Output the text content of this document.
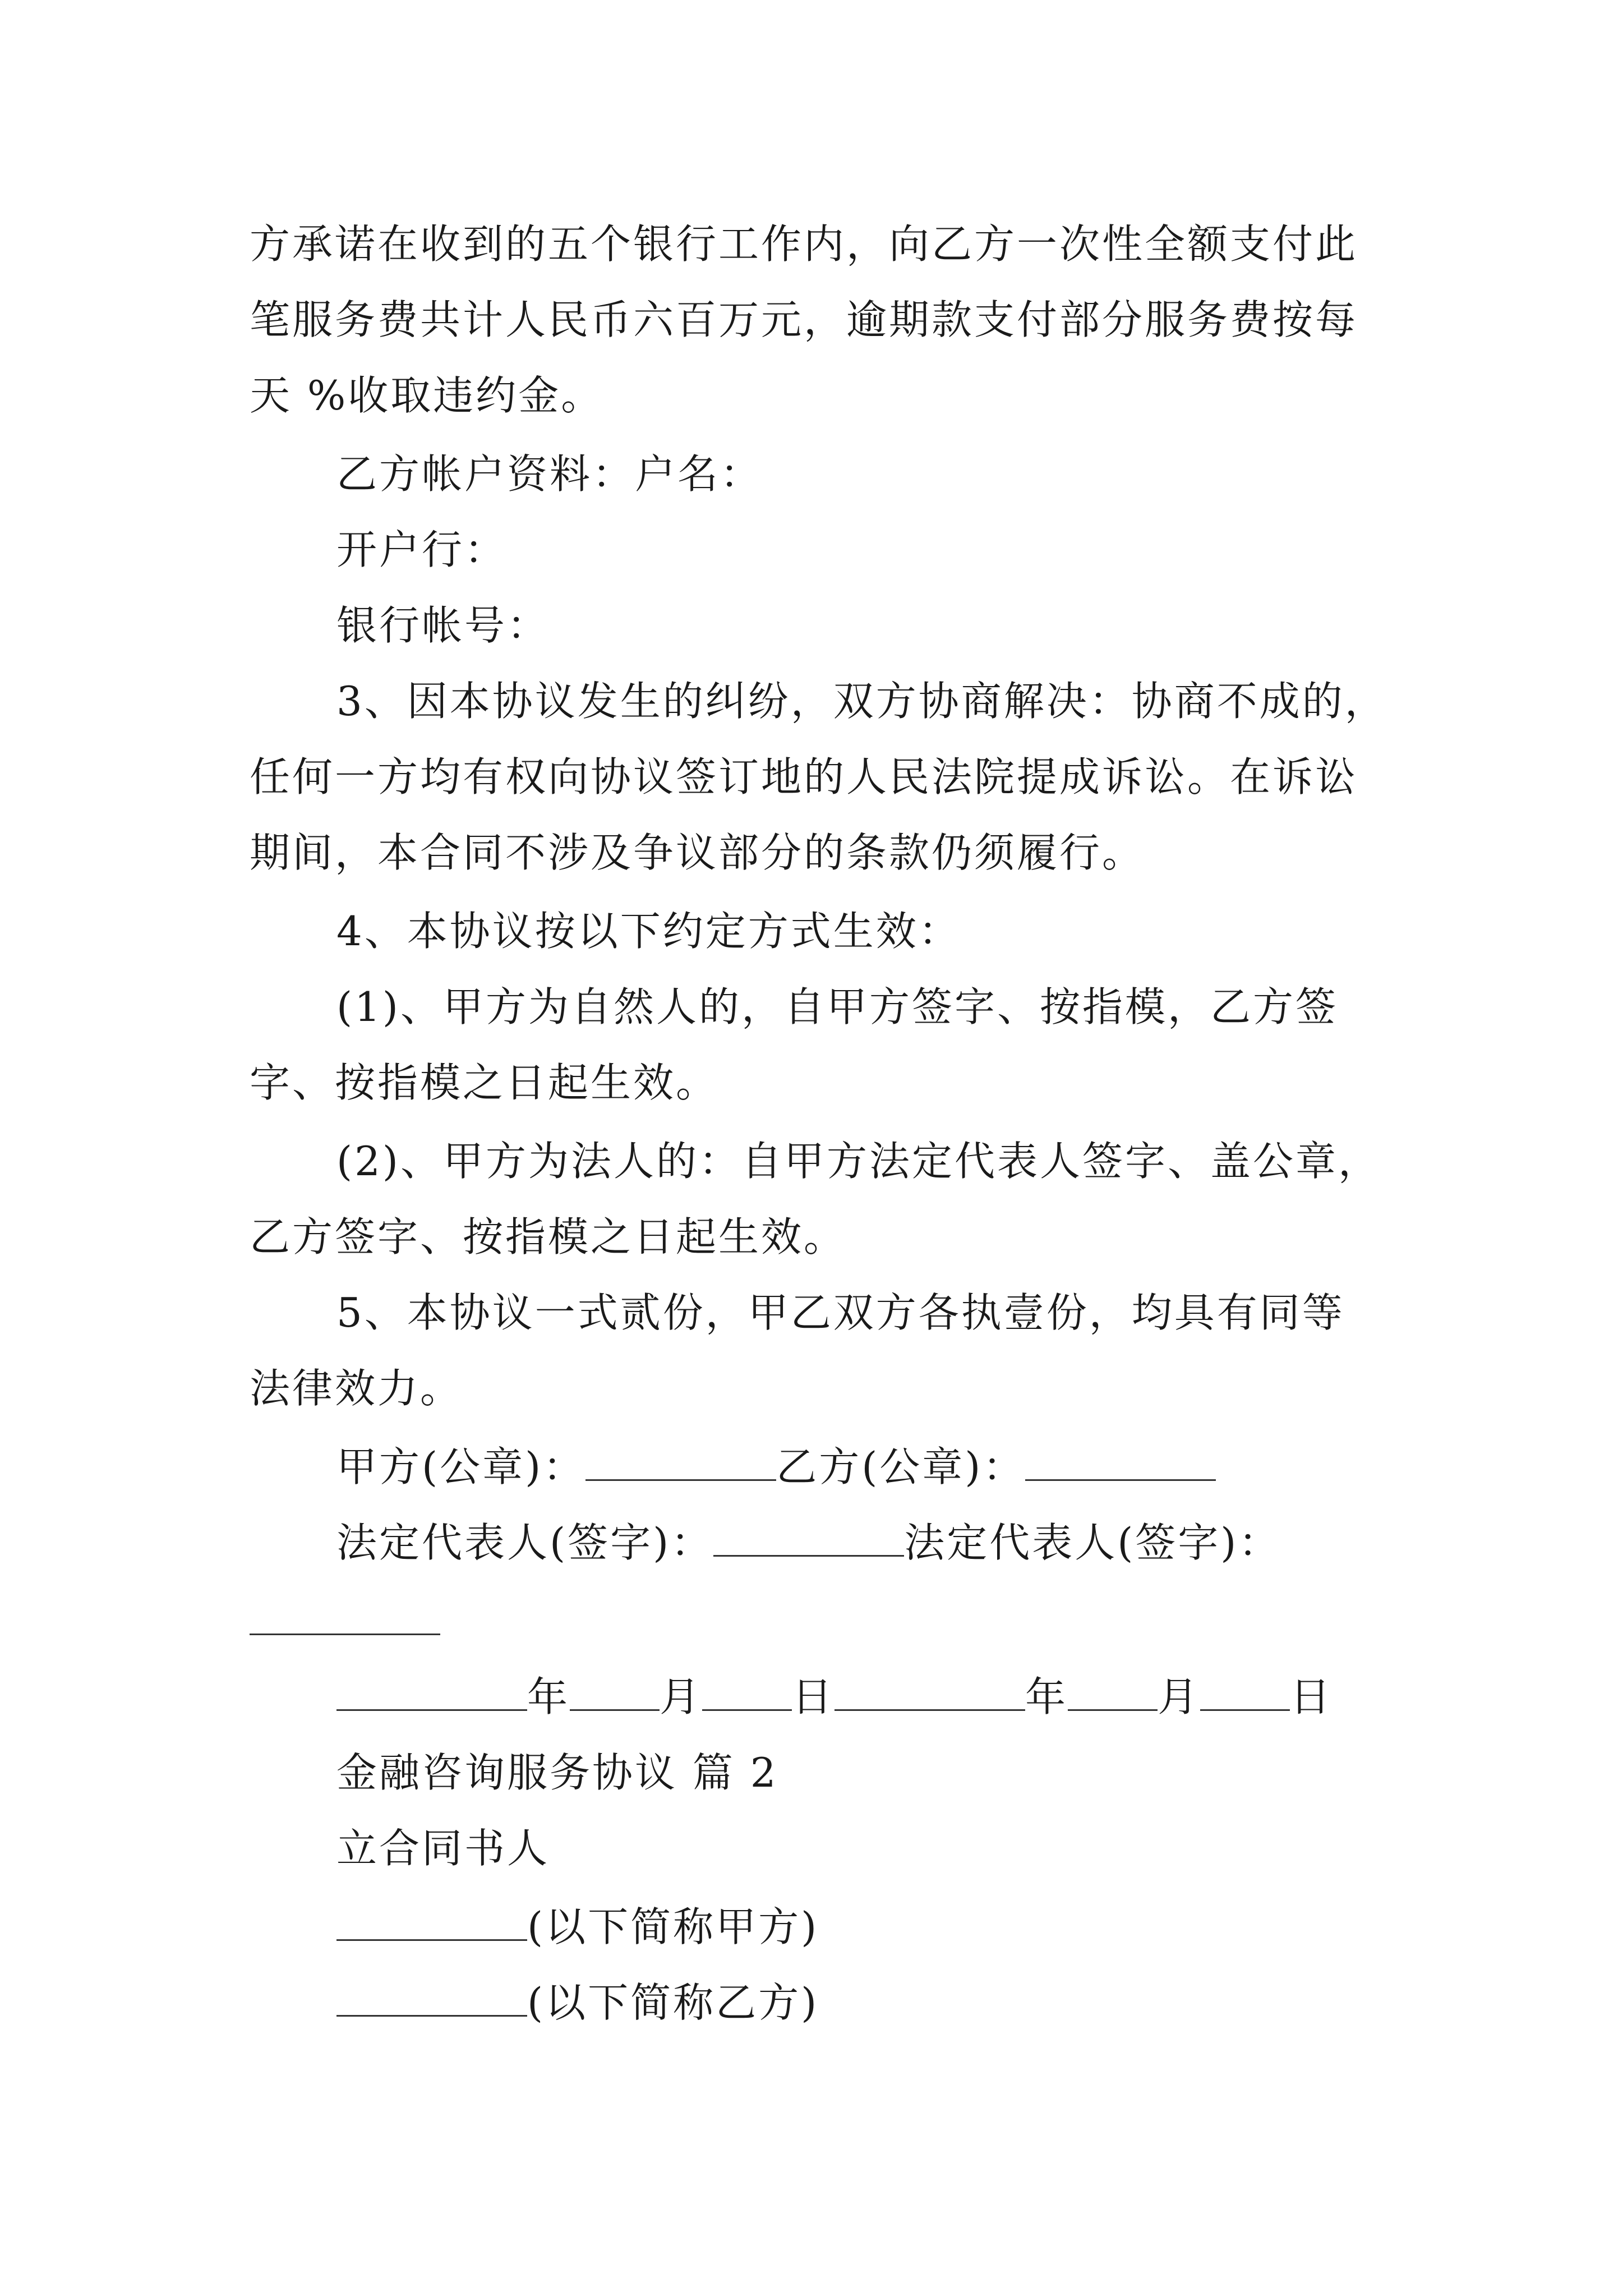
方承诺在收到的五个银行工作内，向乙方一次性全额支付此
笔服务费共计人民币六百万元，逾期款支付部分服务费按每
天 %收取违约金。
乙方帐户资料：户名：
开户行：
银行帐号：
3、因本协议发生的纠纷，双方协商解决：协商不成的，
任何一方均有权向协议签订地的人民法院提成诉讼。在诉讼
期间，本合同不涉及争议部分的条款仍须履行。
4、本协议按以下约定方式生效：
(1)、甲方为自然人的，自甲方签字、按指模，乙方签
字、按指模之日起生效。
(2)、甲方为法人的：自甲方法定代表人签字、盖公章，
乙方签字、按指模之日起生效。
5、本协议一式贰份，甲乙双方各执壹份，均具有同等
法律效力。
甲方(公章)：	乙方(公章)：
法定代表人(签字)：	法定代表人(签字)：
年 月 日	年 月 日
金融咨询服务协议 篇 2
立合同书人
(以下简称甲方)
(以下简称乙方)
